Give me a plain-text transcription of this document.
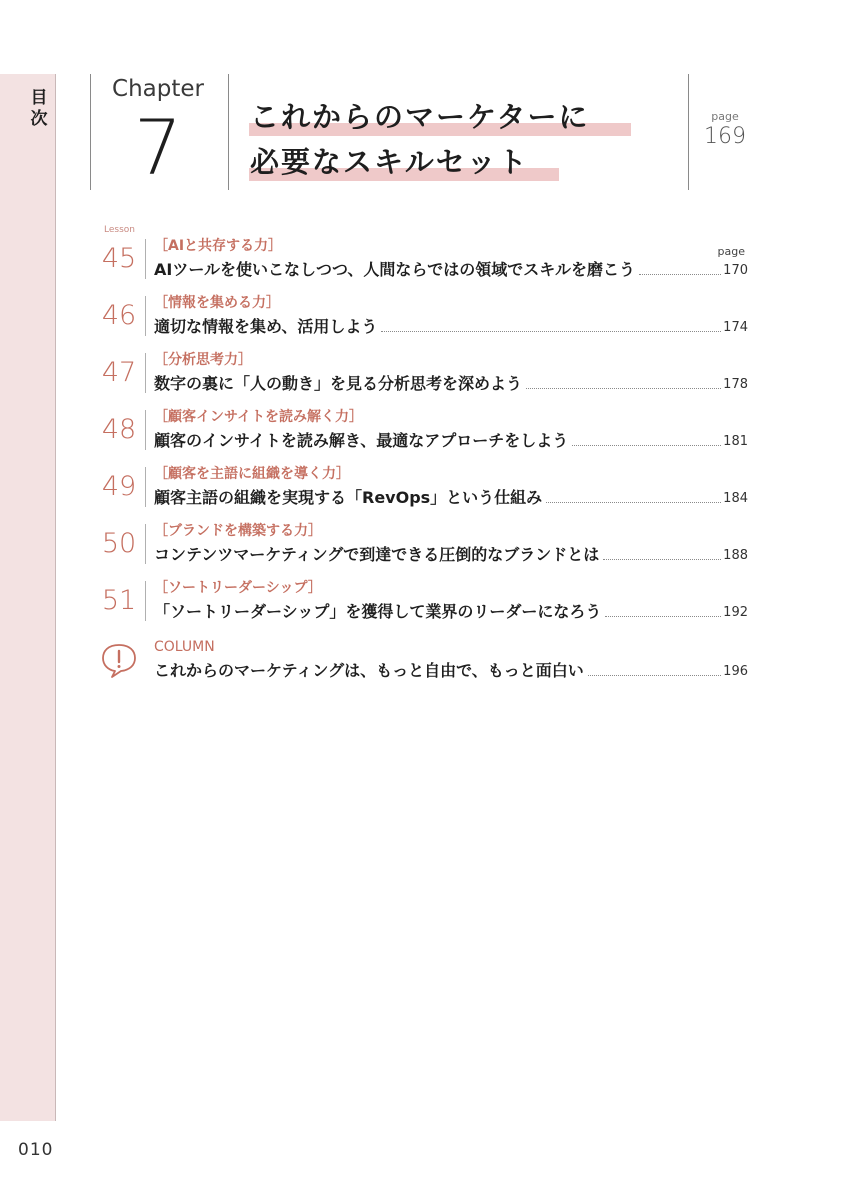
目次
Chapter
7	これからのマーケターに
必要なスキルセット
page
169
Lesson
page
45 ［AIと共存する力］
AIツールを使いこなしつつ、人間ならではの領域でスキルを磨こう	170
46 ［情報を集める力］
適切な情報を集め、活用しよう	174
47 ［分析思考力］
数字の裏に「人の動き」を見る分析思考を深めよう	178
48 ［顧客インサイトを読み解く力］
顧客のインサイトを読み解き、最適なアプローチをしよう	181
49 ［顧客を主語に組織を導く力］
顧客主語の組織を実現する「RevOps」という仕組み	184
50 ［ブランドを構築する力］
コンテンツマーケティングで到達できる圧倒的なブランドとは	188
51 ［ソートリーダーシップ］
「ソートリーダーシップ」を獲得して業界のリーダーになろう	192
COLUMN
これからのマーケティングは、もっと自由で、もっと面白い	196
010
